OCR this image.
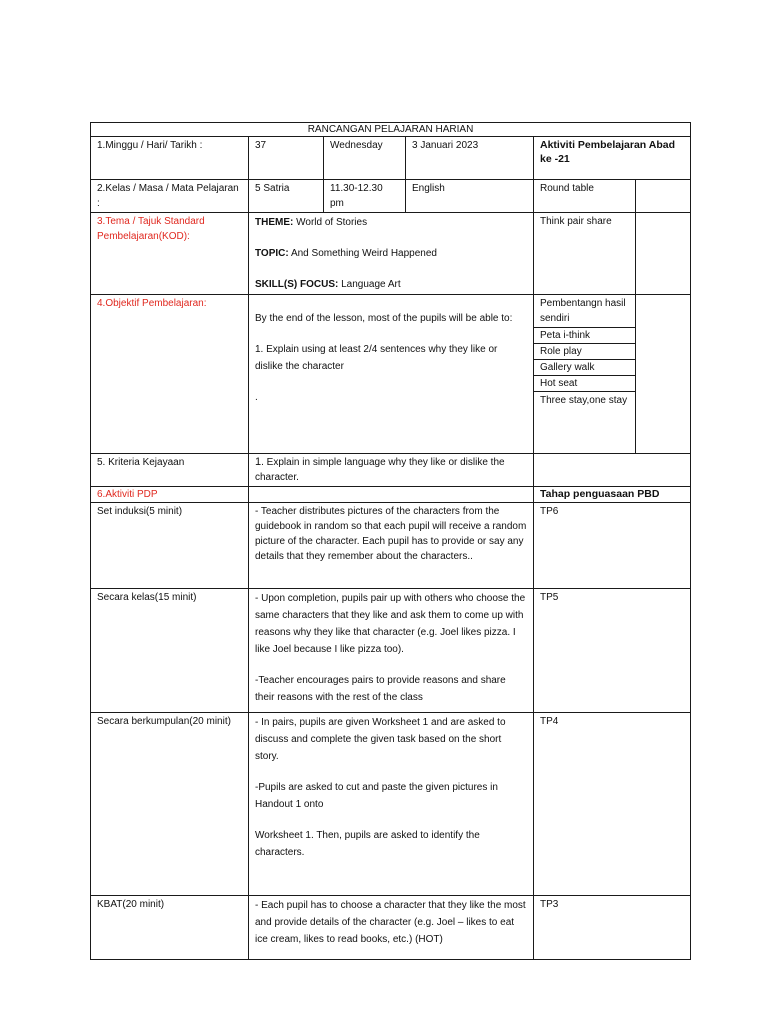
RANCANGAN PELAJARAN HARIAN					
1.Minggu / Hari/ Tarikh :	37	Wednesday	3 Januari 2023	Aktiviti Pembelajaran Abad ke -21	
2.Kelas / Masa / Mata Pelajaran :	5 Satria	11.30-12.30 pm	English	Round table	
3.Tema / Tajuk Standard Pembelajaran(KOD):	THEME: World of Stories

TOPIC: And Something Weird Happened

SKILL(S) FOCUS: Language Art			Think pair share	
4.Objektif Pembelajaran:	By the end of the lesson, most of the pupils will be able to:

1. Explain using at least 2/4 sentences why they like or dislike the character

.			Pembentangn hasil sendiri	
				Peta i-think	
				Role play	
				Gallery walk	
				Hot seat	
				Three stay,one stay	
5. Kriteria Kejayaan	1. Explain in simple language why they like or dislike the character.				
6.Aktiviti PDP				Tahap penguasaan PBD	
Set induksi(5 minit)	- Teacher distributes pictures of the characters from the guidebook in random so that each pupil will receive a random picture of the character. Each pupil has to provide or say any details that they remember about the characters..			TP6	
Secara kelas(15 minit)	- Upon completion, pupils pair up with others who choose the same characters that they like and ask them to come up with reasons why they like that character (e.g. Joel likes pizza. I like Joel because I like pizza too).

-Teacher encourages pairs to provide reasons and share their reasons with the rest of the class			TP5	
Secara berkumpulan(20 minit)	- In pairs, pupils are given Worksheet 1 and are asked to discuss and complete the given task based on the short story.

-Pupils are asked to cut and paste the given pictures in Handout 1 onto

Worksheet 1. Then, pupils are asked to identify the characters.			TP4	
KBAT(20 minit)	- Each pupil has to choose a character that they like the most and provide details of the character (e.g. Joel – likes to eat ice cream, likes to read books, etc.) (HOT)			TP3	
